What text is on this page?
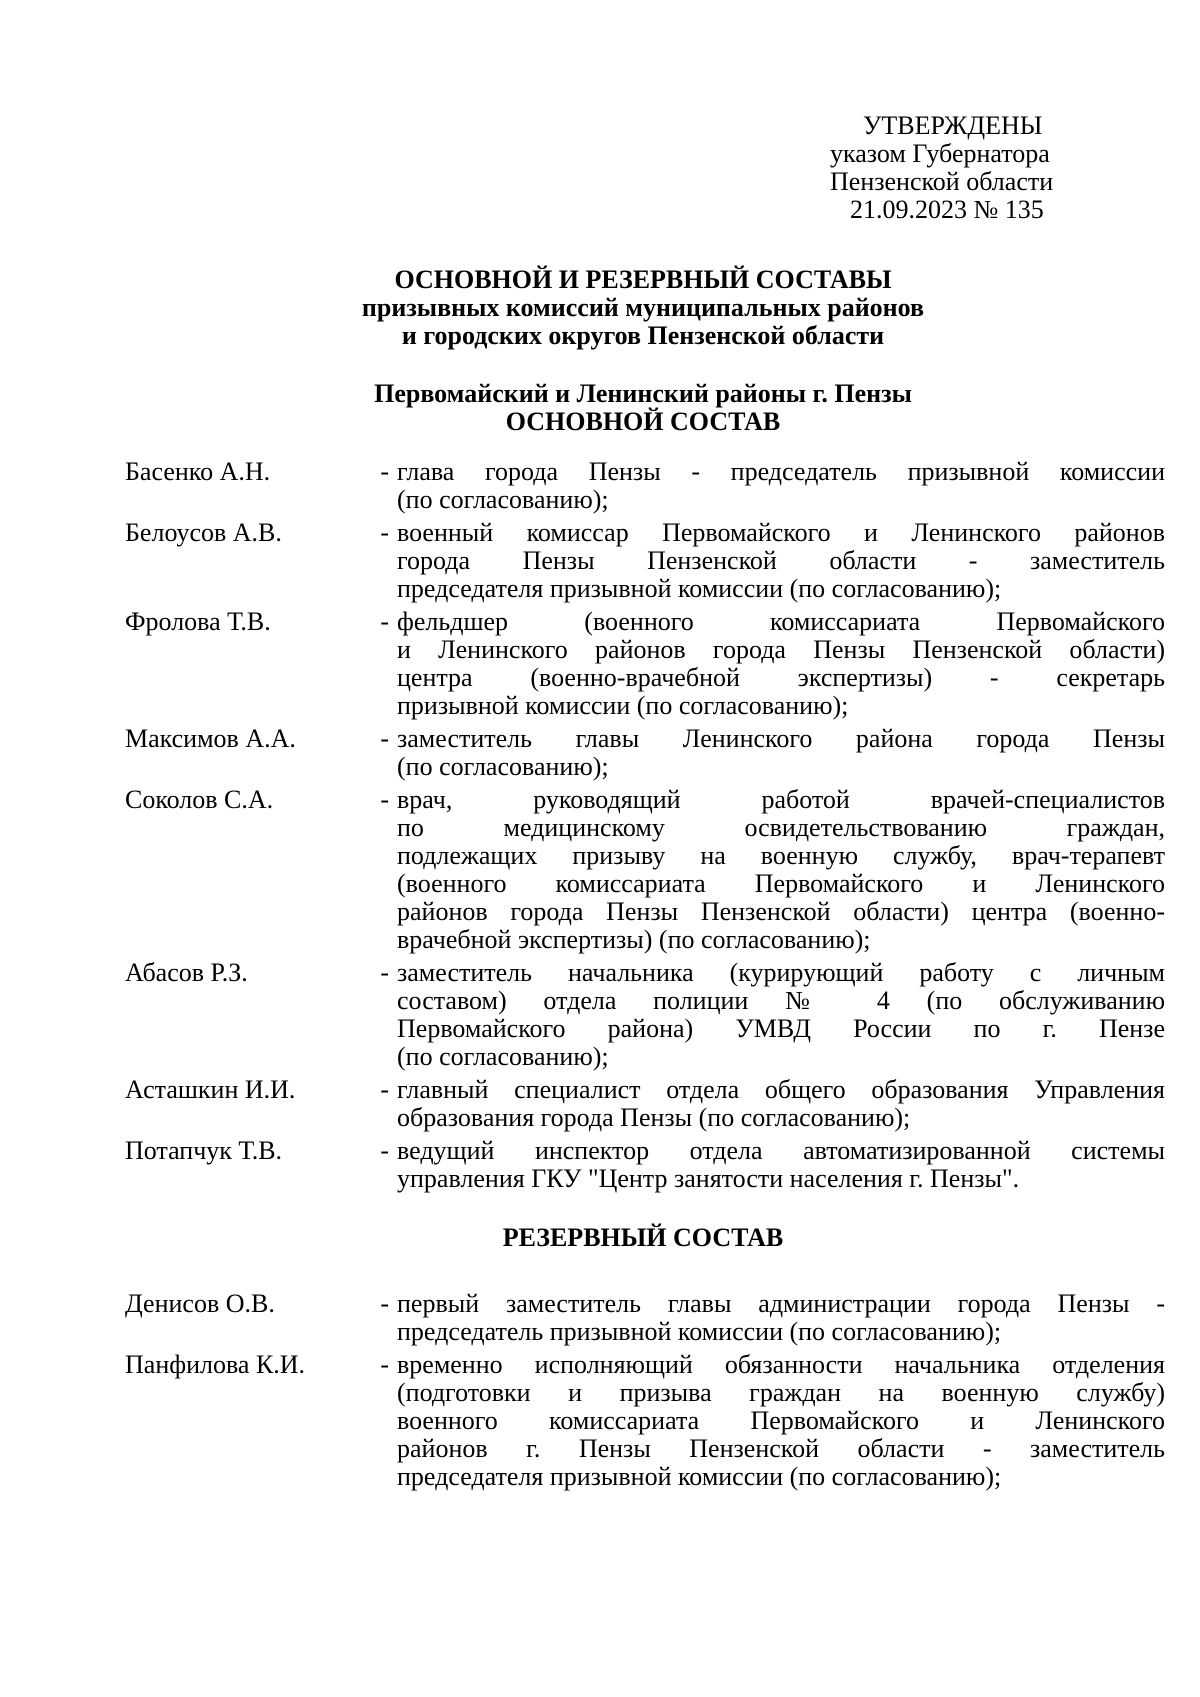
УТВЕРЖДЕНЫ
указом Губернатора
Пензенской области
21.09.2023 № 135
ОСНОВНОЙ И РЕЗЕРВНЫЙ СОСТАВЫ
призывных комиссий муниципальных районов
и городских округов Пензенской области
Первомайский и Ленинский районы г. Пензы
ОСНОВНОЙ СОСТАВ
Басенко А.Н.	- глава города Пензы - председатель призывной комиссии
(по согласованию);
Белоусов А.В.	- военный комиссар Первомайского и Ленинского районов
города Пензы Пензенской области - заместитель
председателя призывной комиссии (по согласованию);
Фролова Т.В.	- фельдшер (военного комиссариата Первомайского
и Ленинского районов города Пензы Пензенской области)
центра (военно-врачебной экспертизы) - секретарь
призывной комиссии (по согласованию);
Максимов А.А.	- заместитель главы Ленинского района города Пензы
(по согласованию);
Соколов С.А.	- врач, руководящий работой врачей-специалистов
по медицинскому освидетельствованию граждан,
подлежащих призыву на военную службу, врач-терапевт
(военного комиссариата Первомайского и Ленинского
районов города Пензы Пензенской области) центра (военно-
врачебной экспертизы) (по согласованию);
Абасов Р.З.	- заместитель начальника (курирующий работу с личным
составом) отдела полиции № 4 (по обслуживанию
Первомайского района) УМВД России по г. Пензе
(по согласованию);
Асташкин И.И.	- главный специалист отдела общего образования Управления
образования города Пензы (по согласованию);
Потапчук Т.В.	- ведущий инспектор отдела автоматизированной системы
управления ГКУ "Центр занятости населения г. Пензы".
РЕЗЕРВНЫЙ СОСТАВ
Денисов О.В.	- первый заместитель главы администрации города Пензы -
председатель призывной комиссии (по согласованию);
Панфилова К.И.	- временно исполняющий обязанности начальника отделения
(подготовки и призыва граждан на военную службу)
военного комиссариата Первомайского и Ленинского
районов г. Пензы Пензенской области - заместитель
председателя призывной комиссии (по согласованию);
